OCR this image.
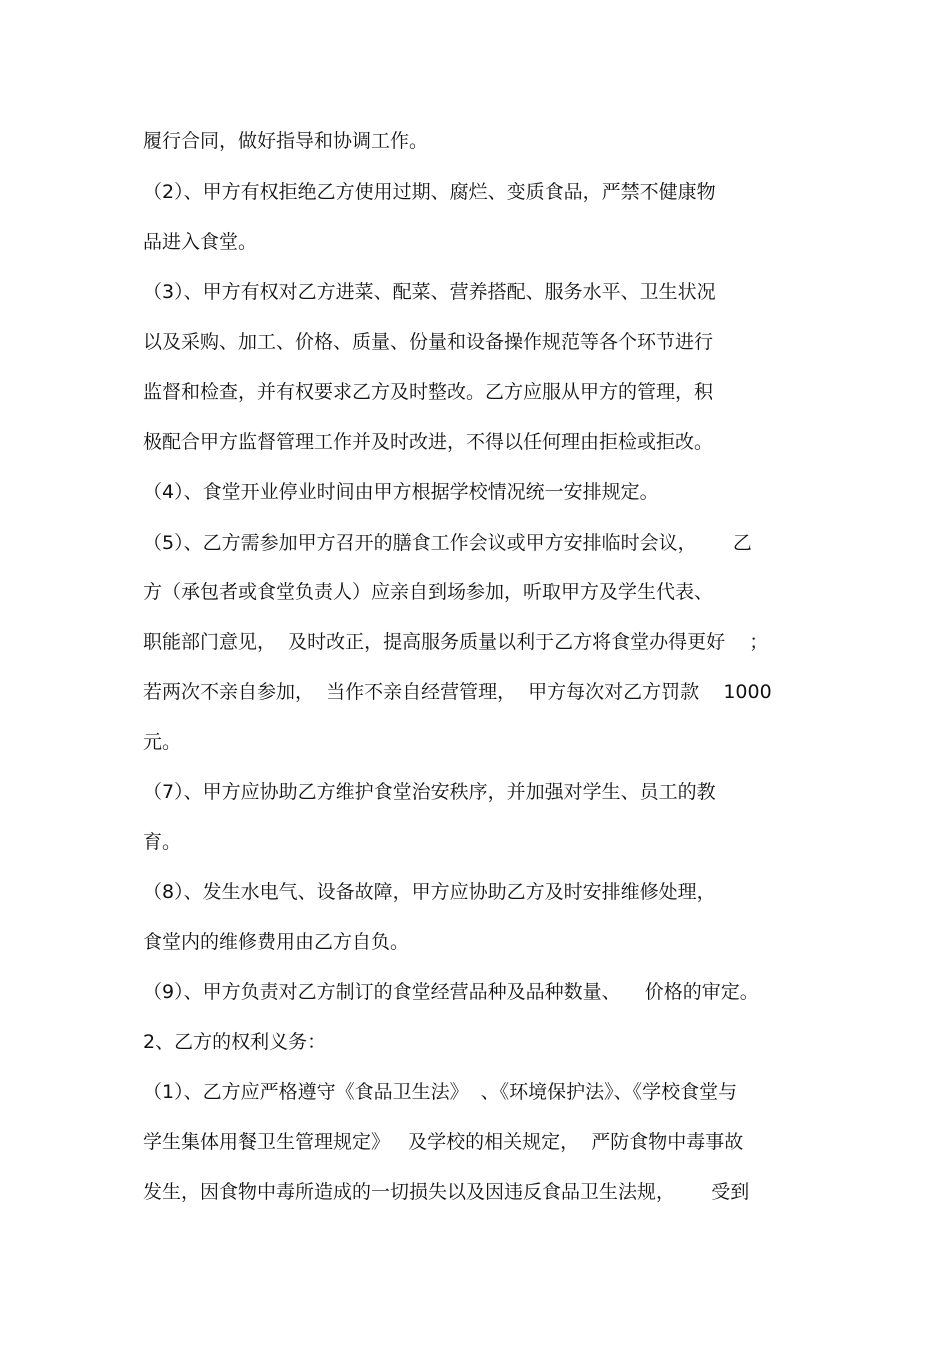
履行合同，做好指导和协调工作。
（2）、甲方有权拒绝乙方使用过期、腐烂、变质食品，严禁不健康物
品进入食堂。
（3）、甲方有权对乙方进菜、配菜、营养搭配、服务水平、卫生状况
以及采购、加工、价格、质量、份量和设备操作规范等各个环节进行
监督和检查，并有权要求乙方及时整改。乙方应服从甲方的管理，积
极配合甲方监督管理工作并及时改进，不得以任何理由拒检或拒改。
（4）、食堂开业停业时间由甲方根据学校情况统一安排规定。
（5）、乙方需参加甲方召开的膳食工作会议或甲方安排临时会议，      乙
方（承包者或食堂负责人）应亲自到场参加，听取甲方及学生代表、
职能部门意见，  及时改正，提高服务质量以利于乙方将食堂办得更好    ；
若两次不亲自参加，  当作不亲自经营管理，  甲方每次对乙方罚款    1000
元。
（7）、甲方应协助乙方维护食堂治安秩序，并加强对学生、员工的教
育。
（8）、发生水电气、设备故障，甲方应协助乙方及时安排维修处理，
食堂内的维修费用由乙方自负。
（9）、甲方负责对乙方制订的食堂经营品种及品种数量、    价格的审定。
2、乙方的权利义务：
（1）、乙方应严格遵守《食品卫生法》  、《环境保护法》、《学校食堂与
学生集体用餐卫生管理规定》   及学校的相关规定，  严防食物中毒事故
发生，因食物中毒所造成的一切损失以及因违反食品卫生法规，      受到
